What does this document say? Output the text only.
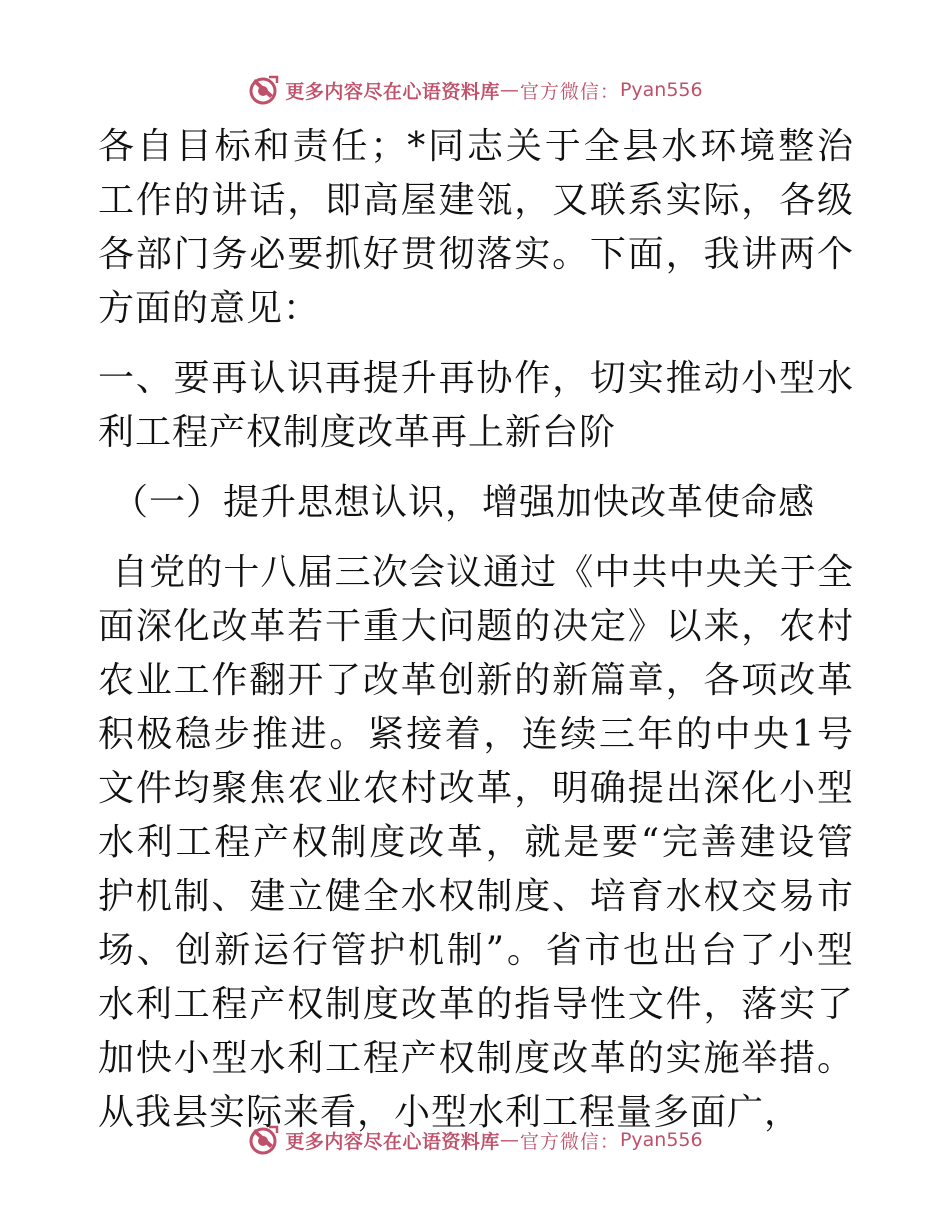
更多内容尽在心语资料库 — 官方微信： Pyan556

各自目标和责任；*同志关于全县水环境整治工作的讲话，即高屋建瓴，又联系实际，各级各部门务必要抓好贯彻落实。下面，我讲两个方面的意见：

一、要再认识再提升再协作，切实推动小型水利工程产权制度改革再上新台阶

（一）提升思想认识，增强加快改革使命感

自党的十八届三次会议通过《中共中央关于全面深化改革若干重大问题的决定》以来，农村农业工作翻开了改革创新的新篇章，各项改革积极稳步推进。紧接着，连续三年的中央1号文件均聚焦农业农村改革，明确提出深化小型水利工程产权制度改革，就是要“完善建设管护机制、建立健全水权制度、培育水权交易市场、创新运行管护机制”。省市也出台了小型水利工程产权制度改革的指导性文件，落实了加快小型水利工程产权制度改革的实施举措。从我县实际来看，小型水利工程量多面广，

更多内容尽在心语资料库 — 官方微信： Pyan556
